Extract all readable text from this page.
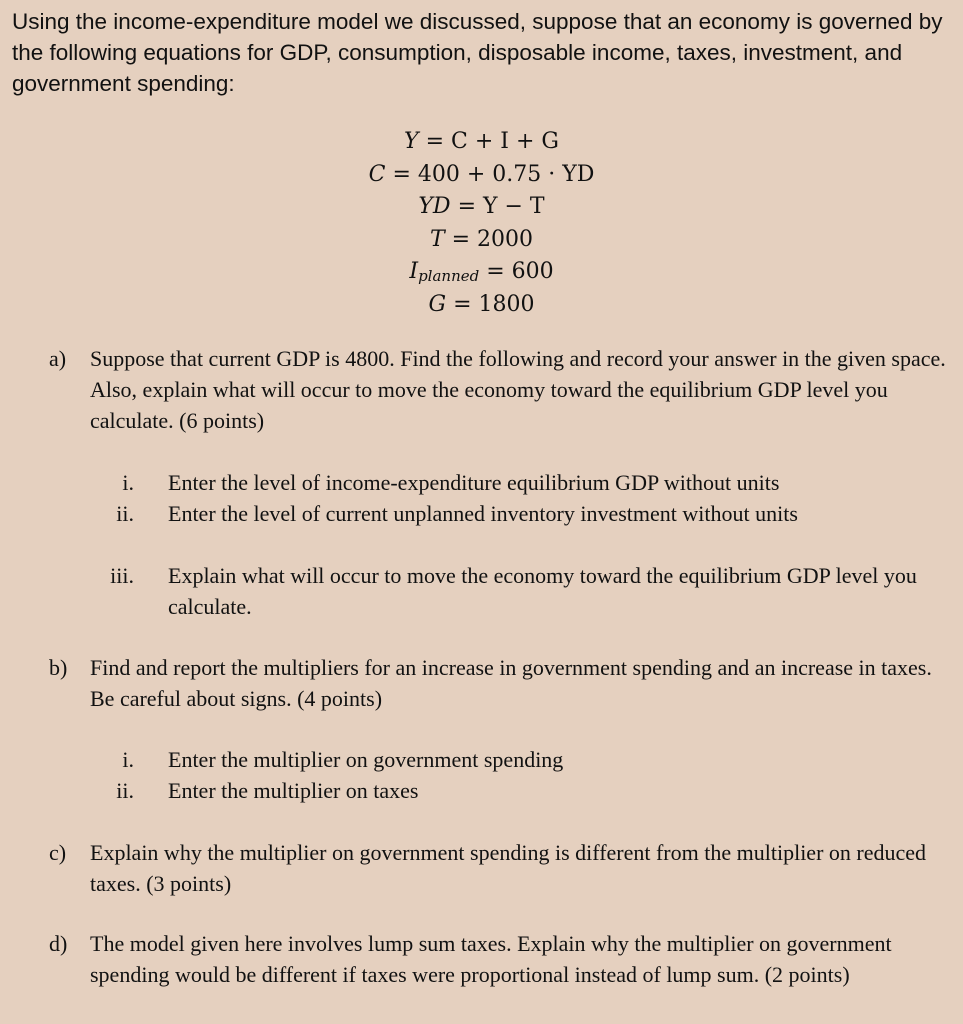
Using the income-expenditure model we discussed, suppose that an economy is governed by the following equations for GDP, consumption, disposable income, taxes, investment, and government spending:
Y = C + I + G
C = 400 + 0.75 · YD
YD = Y − T
T = 2000
$I_{planned} = 600$
G = 1800
a) Suppose that current GDP is 4800. Find the following and record your answer in the given space. Also, explain what will occur to move the economy toward the equilibrium GDP level you calculate. (6 points)
i. Enter the level of income-expenditure equilibrium GDP without units
ii. Enter the level of current unplanned inventory investment without units
iii. Explain what will occur to move the economy toward the equilibrium GDP level you calculate.
b) Find and report the multipliers for an increase in government spending and an increase in taxes. Be careful about signs. (4 points)
i. Enter the multiplier on government spending
ii. Enter the multiplier on taxes
c) Explain why the multiplier on government spending is different from the multiplier on reduced taxes. (3 points)
d) The model given here involves lump sum taxes. Explain why the multiplier on government spending would be different if taxes were proportional instead of lump sum. (2 points)
